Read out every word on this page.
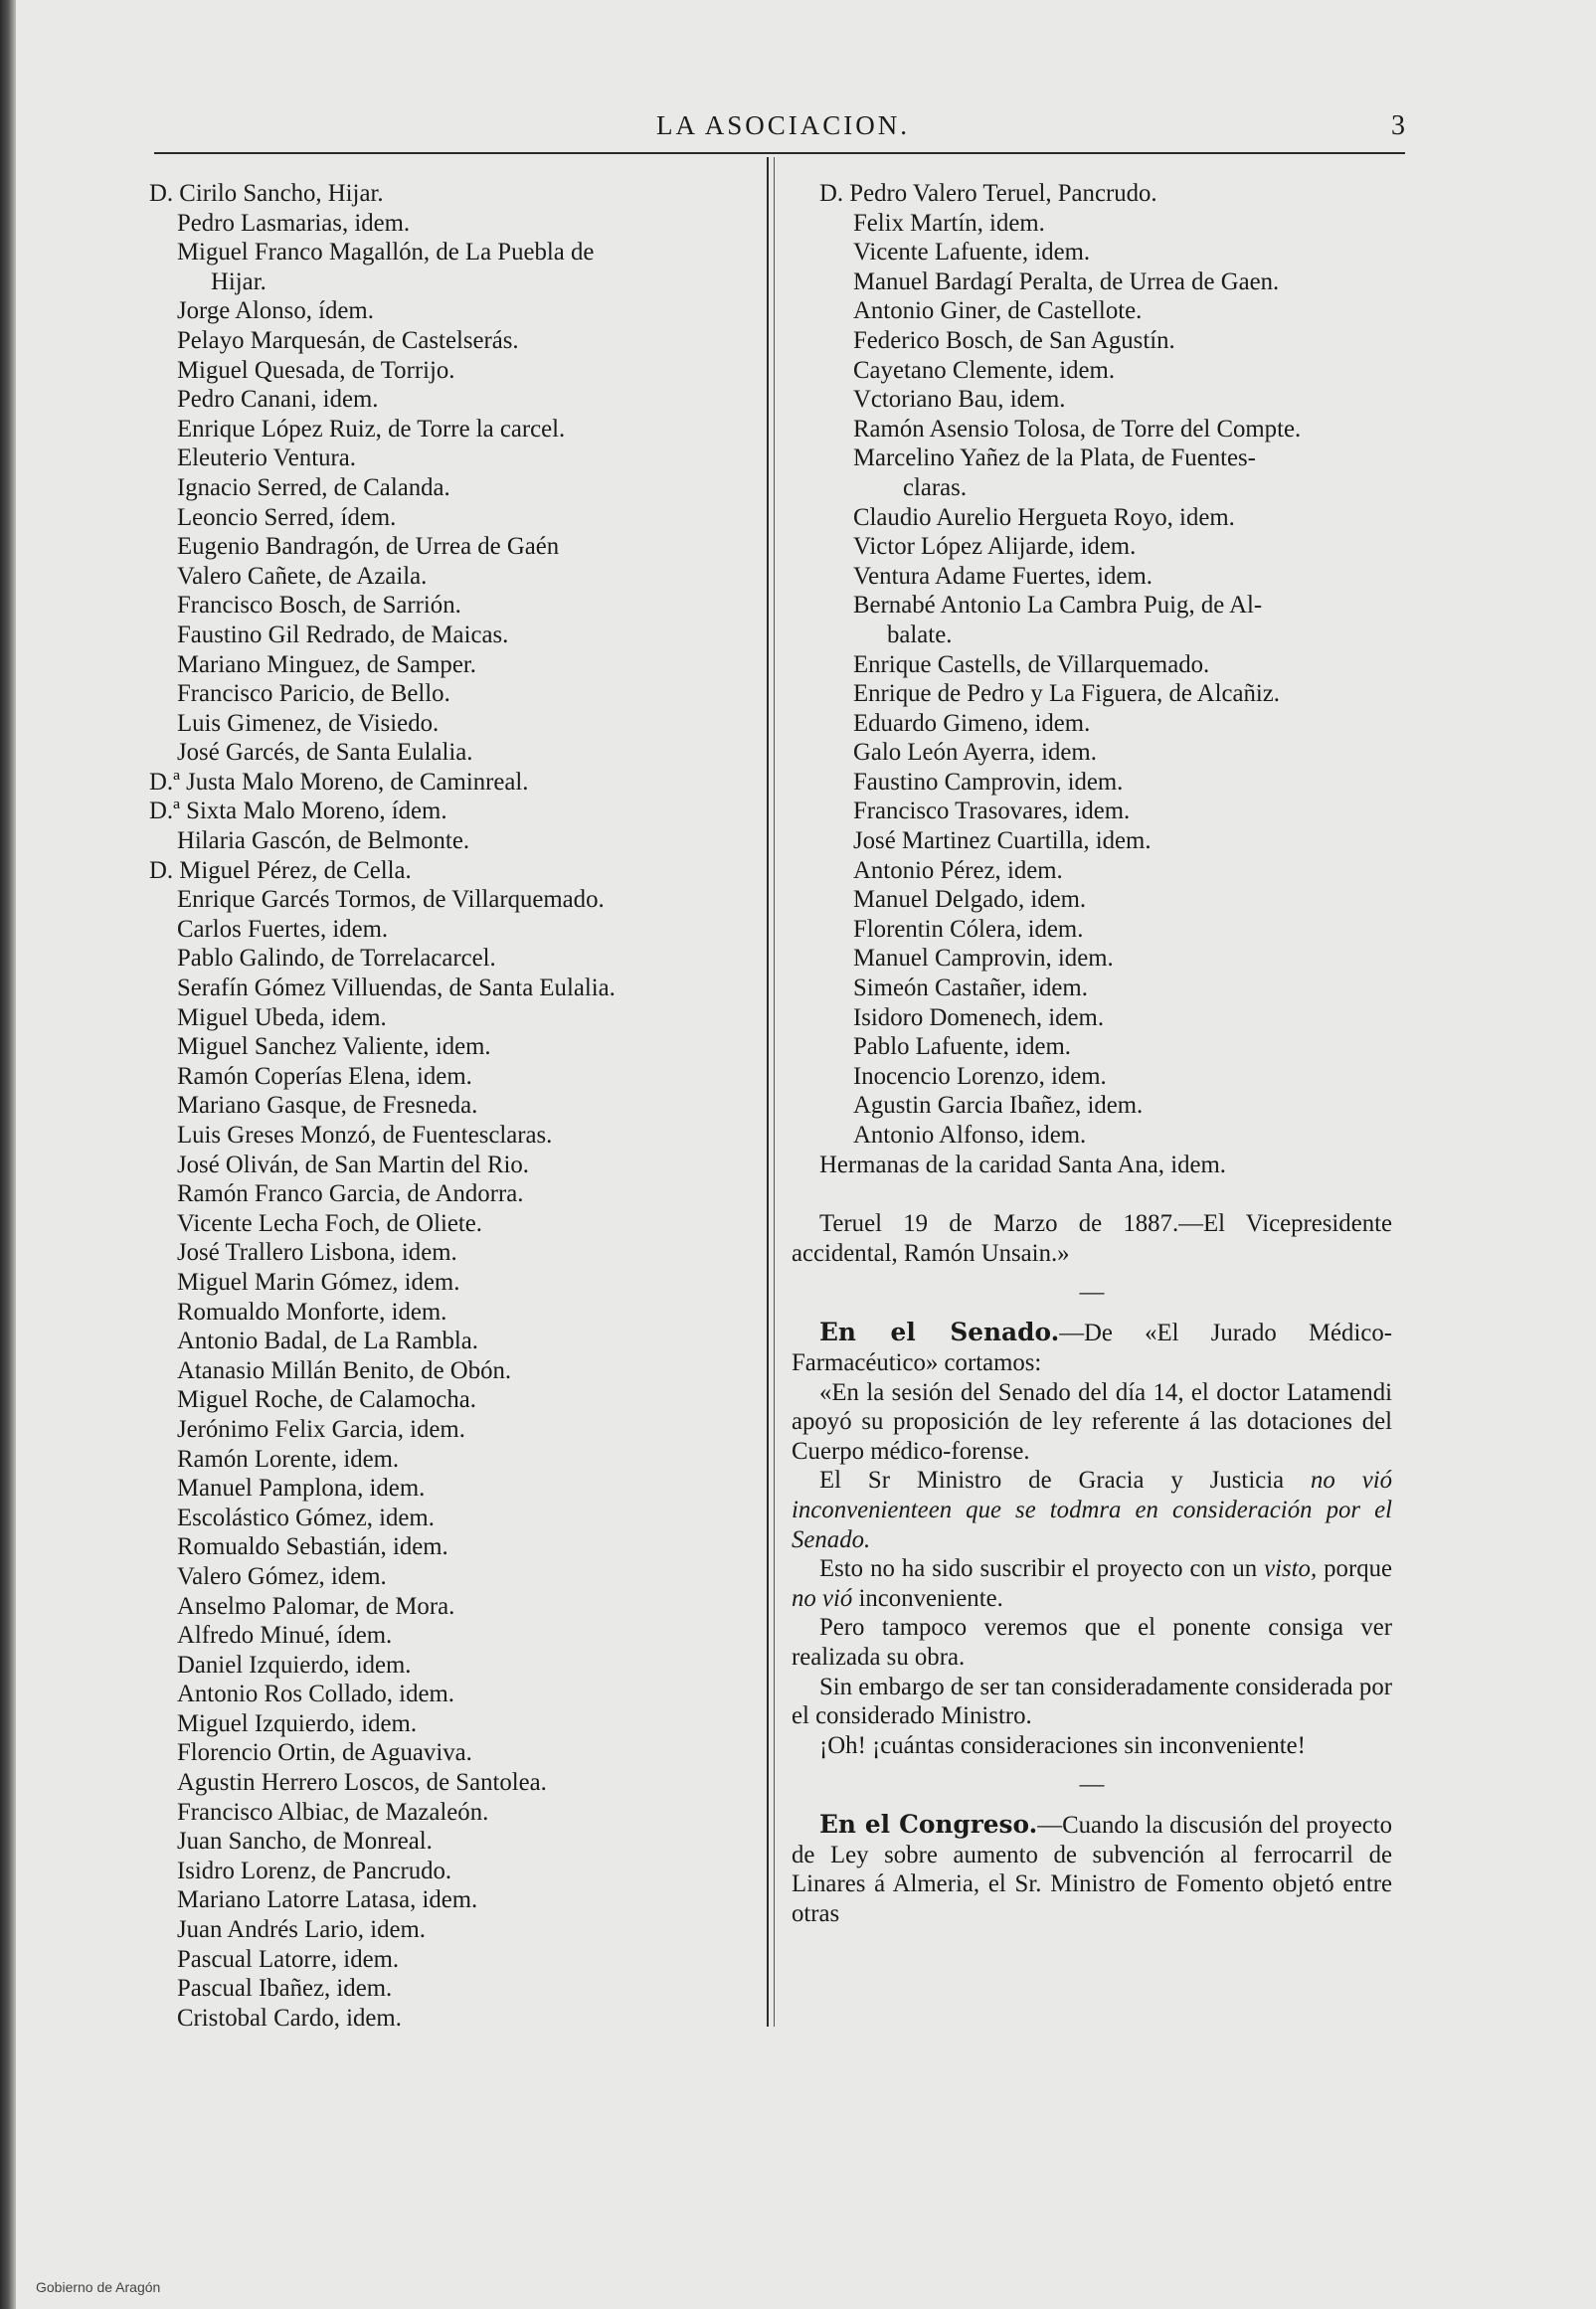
LA ASOCIACION.	3
D. Cirilo Sancho, Hijar.
Pedro Lasmarias, idem.
Miguel Franco Magallón, de La Puebla de
Hijar.
Jorge Alonso, ídem.
Pelayo Marquesán, de Castelserás.
Miguel Quesada, de Torrijo.
Pedro Canani, idem.
Enrique López Ruiz, de Torre la carcel.
Eleuterio Ventura.
Ignacio Serred, de Calanda.
Leoncio Serred, ídem.
Eugenio Bandragón, de Urrea de Gaén
Valero Cañete, de Azaila.
Francisco Bosch, de Sarrión.
Faustino Gil Redrado, de Maicas.
Mariano Minguez, de Samper.
Francisco Paricio, de Bello.
Luis Gimenez, de Visiedo.
José Garcés, de Santa Eulalia.
D.ª Justa Malo Moreno, de Caminreal.
D.ª Sixta Malo Moreno, ídem.
Hilaria Gascón, de Belmonte.
D. Miguel Pérez, de Cella.
Enrique Garcés Tormos, de Villarquemado.
Carlos Fuertes, idem.
Pablo Galindo, de Torrelacarcel.
Serafín Gómez Villuendas, de Santa Eulalia.
Miguel Ubeda, idem.
Miguel Sanchez Valiente, idem.
Ramón Coperías Elena, idem.
Mariano Gasque, de Fresneda.
Luis Greses Monzó, de Fuentesclaras.
José Oliván, de San Martin del Rio.
Ramón Franco Garcia, de Andorra.
Vicente Lecha Foch, de Oliete.
José Trallero Lisbona, idem.
Miguel Marin Gómez, idem.
Romualdo Monforte, idem.
Antonio Badal, de La Rambla.
Atanasio Millán Benito, de Obón.
Miguel Roche, de Calamocha.
Jerónimo Felix Garcia, idem.
Ramón Lorente, idem.
Manuel Pamplona, idem.
Escolástico Gómez, idem.
Romualdo Sebastián, idem.
Valero Gómez, idem.
Anselmo Palomar, de Mora.
Alfredo Minué, ídem.
Daniel Izquierdo, idem.
Antonio Ros Collado, idem.
Miguel Izquierdo, idem.
Florencio Ortin, de Aguaviva.
Agustin Herrero Loscos, de Santolea.
Francisco Albiac, de Mazaleón.
Juan Sancho, de Monreal.
Isidro Lorenz, de Pancrudo.
Mariano Latorre Latasa, idem.
Juan Andrés Lario, idem.
Pascual Latorre, idem.
Pascual Ibañez, idem.
Cristobal Cardo, idem.
D. Pedro Valero Teruel, Pancrudo.
Felix Martín, idem.
Vicente Lafuente, idem.
Manuel Bardagí Peralta, de Urrea de Gaen.
Antonio Giner, de Castellote.
Federico Bosch, de San Agustín.
Cayetano Clemente, idem.
Vctoriano Bau, idem.
Ramón Asensio Tolosa, de Torre del Compte.
Marcelino Yañez de la Plata, de Fuentes-
claras.
Claudio Aurelio Hergueta Royo, idem.
Victor López Alijarde, idem.
Ventura Adame Fuertes, idem.
Bernabé Antonio La Cambra Puig, de Al-
balate.
Enrique Castells, de Villarquemado.
Enrique de Pedro y La Figuera, de Alcañiz.
Eduardo Gimeno, idem.
Galo León Ayerra, idem.
Faustino Camprovin, idem.
Francisco Trasovares, idem.
José Martinez Cuartilla, idem.
Antonio Pérez, idem.
Manuel Delgado, idem.
Florentin Cólera, idem.
Manuel Camprovin, idem.
Simeón Castañer, idem.
Isidoro Domenech, idem.
Pablo Lafuente, idem.
Inocencio Lorenzo, idem.
Agustin Garcia Ibañez, idem.
Antonio Alfonso, idem.
Hermanas de la caridad Santa Ana, idem.
Teruel 19 de Marzo de 1887.—El Vicepresidente accidental, Ramón Unsain.»
—
En el Senado.—De «El Jurado Médico-Farmacéutico» cortamos:
«En la sesión del Senado del día 14, el doctor Latamendi apoyó su proposición de ley referente á las dotaciones del Cuerpo médico-forense.
El Sr Ministro de Gracia y Justicia no vió inconvenienteen que se todmra en consideración por el Senado.
Esto no ha sido suscribir el proyecto con un visto, porque no vió inconveniente.
Pero tampoco veremos que el ponente consiga ver realizada su obra.
Sin embargo de ser tan consideradamente considerada por el considerado Ministro.
¡Oh! ¡cuántas consideraciones sin inconveniente!
—
En el Congreso.—Cuando la discusión del proyecto de Ley sobre aumento de subvención al ferrocarril de Linares á Almeria, el Sr. Ministro de Fomento objetó entre otras
Gobierno de Aragón
